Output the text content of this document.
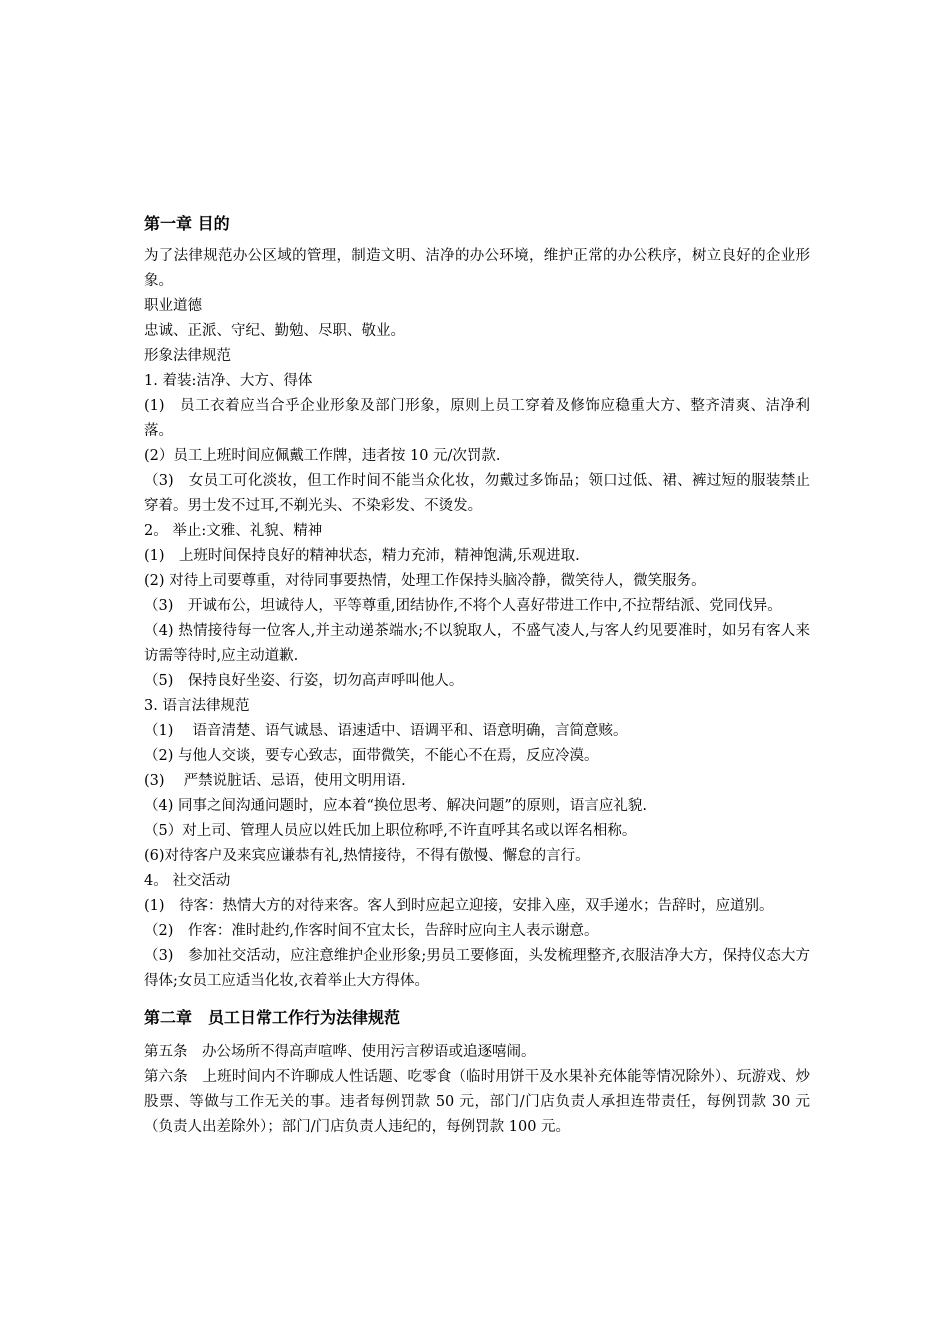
第一章 目的

为了法律规范办公区域的管理，制造文明、洁净的办公环境，维护正常的办公秩序，树立良好的企业形象。

职业道德

忠诚、正派、守纪、勤勉、尽职、敬业。

形象法律规范

1. 着装:洁净、大方、得体

(1)　员工衣着应当合乎企业形象及部门形象，原则上员工穿着及修饰应稳重大方、整齐清爽、洁净利落。

(2）员工上班时间应佩戴工作牌，违者按 10 元/次罚款.

（3)　女员工可化淡妆，但工作时间不能当众化妆，勿戴过多饰品；领口过低、裙、裤过短的服装禁止穿着。男士发不过耳,不剃光头、不染彩发、不烫发。

2。 举止:文雅、礼貌、精神

(1)　上班时间保持良好的精神状态，精力充沛，精神饱满,乐观进取.

(2) 对待上司要尊重，对待同事要热情，处理工作保持头脑冷静，微笑待人，微笑服务。

（3)　开诚布公，坦诚待人，平等尊重,团结协作,不将个人喜好带进工作中,不拉帮结派、党同伐异。

（4) 热情接待每一位客人,并主动递茶端水;不以貌取人，不盛气凌人,与客人约见要准时，如另有客人来访需等待时,应主动道歉.

（5)　保持良好坐姿、行姿，切勿高声呼叫他人。

3. 语言法律规范

（1)　 语音清楚、语气诚恳、语速适中、语调平和、语意明确，言简意赅。

（2) 与他人交谈，要专心致志，面带微笑，不能心不在焉，反应冷漠。

(3)　 严禁说脏话、忌语，使用文明用语.

（4) 同事之间沟通问题时，应本着“换位思考、解决问题”的原则，语言应礼貌.

（5）对上司、管理人员应以姓氏加上职位称呼,不许直呼其名或以诨名相称。

(6)对待客户及来宾应谦恭有礼,热情接待，不得有傲慢、懈怠的言行。

4。 社交活动

(1)　待客：热情大方的对待来客。客人到时应起立迎接，安排入座，双手递水；告辞时，应道别。

（2)　作客：准时赴约,作客时间不宜太长，告辞时应向主人表示谢意。

（3)　参加社交活动，应注意维护企业形象;男员工要修面，头发梳理整齐,衣服洁净大方，保持仪态大方得体;女员工应适当化妆,衣着举止大方得体。

第二章　员工日常工作行为法律规范

第五条　办公场所不得高声喧哗、使用污言秽语或追逐嘻闹。

第六条　上班时间内不许聊成人性话题、吃零食（临时用饼干及水果补充体能等情况除外）、玩游戏、炒股票、等做与工作无关的事。违者每例罚款 50 元，部门/门店负责人承担连带责任，每例罚款 30 元（负责人出差除外）；部门/门店负责人违纪的，每例罚款 100 元。
